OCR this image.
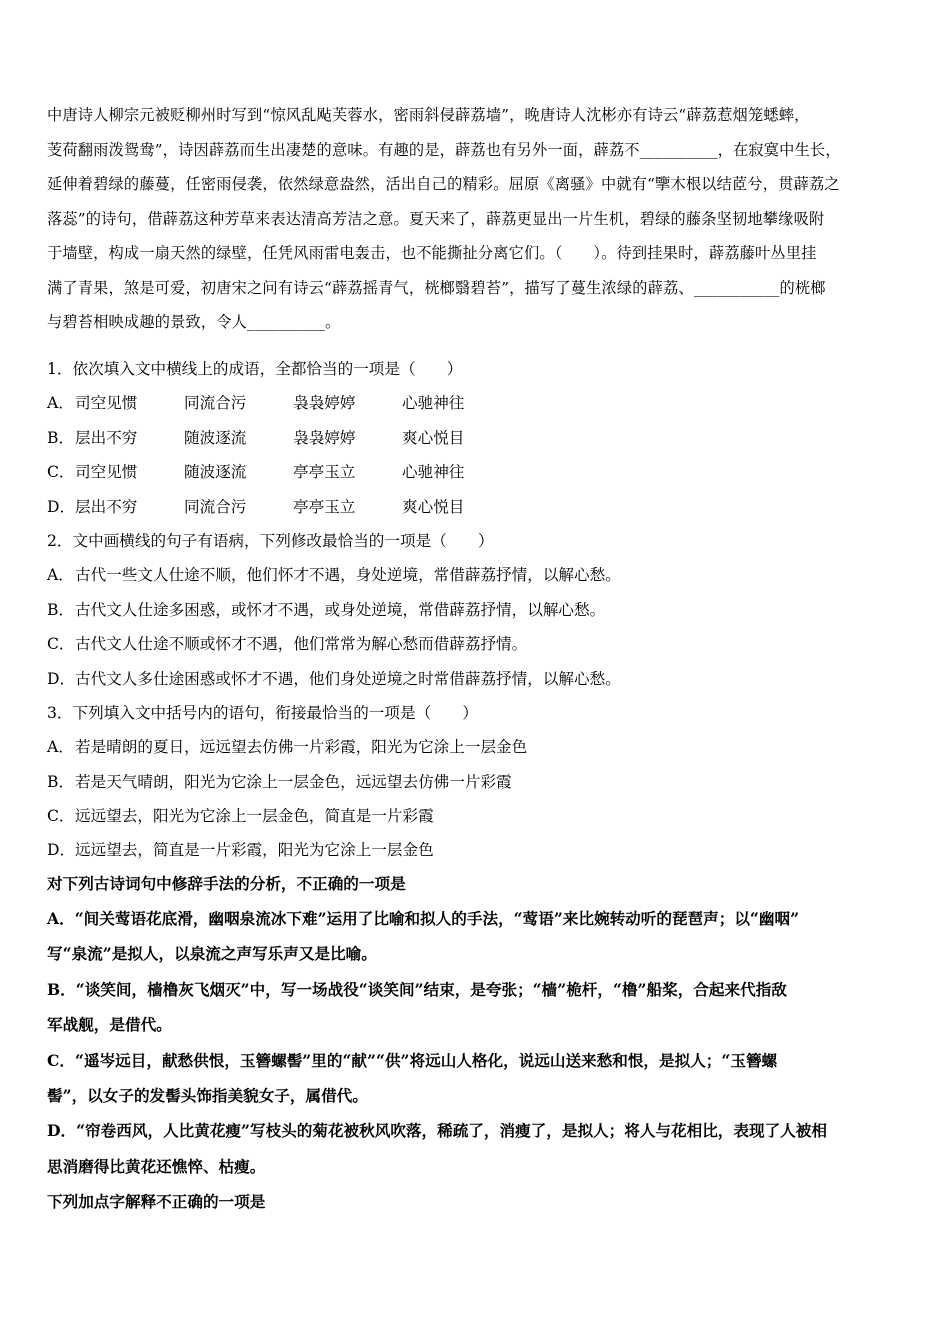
中唐诗人柳宗元被贬柳州时写到“惊风乱飐芙蓉水，密雨斜侵薜荔墙”，晚唐诗人沈彬亦有诗云“薜荔惹烟笼蟋蟀，
芰荷翻雨泼鸳鸯”，诗因薜荔而生出凄楚的意味。有趣的是，薜荔也有另外一面，薜荔不__________，在寂寞中生长，
延伸着碧绿的藤蔓，任密雨侵袭，依然绿意盎然，活出自己的精彩。屈原《离骚》中就有“擥木根以结茝兮，贯薜荔之
落蕊”的诗句，借薜荔这种芳草来表达清高芳洁之意。夏天来了，薜荔更显出一片生机，碧绿的藤条坚韧地攀缘吸附
于墙壁，构成一扇天然的绿壁，任凭风雨雷电轰击，也不能撕扯分离它们。（　　）。待到挂果时，薜荔藤叶丛里挂
满了青果，煞是可爱，初唐宋之问有诗云“薜荔摇青气，桄榔翳碧苔”，描写了蔓生浓绿的薜荔、___________的桄榔
与碧苔相映成趣的景致，令人__________。
1．依次填入文中横线上的成语，全都恰当的一项是（　　）
A．司空见惯	同流合污	袅袅婷婷	心驰神往
B．层出不穷	随波逐流	袅袅婷婷	爽心悦目
C．司空见惯	随波逐流	亭亭玉立	心驰神往
D．层出不穷	同流合污	亭亭玉立	爽心悦目
2．文中画横线的句子有语病，下列修改最恰当的一项是（　　）
A．古代一些文人仕途不顺，他们怀才不遇，身处逆境，常借薜荔抒情，以解心愁。
B．古代文人仕途多困惑，或怀才不遇，或身处逆境，常借薜荔抒情，以解心愁。
C．古代文人仕途不顺或怀才不遇，他们常常为解心愁而借薜荔抒情。
D．古代文人多仕途困惑或怀才不遇，他们身处逆境之时常借薜荔抒情，以解心愁。
3．下列填入文中括号内的语句，衔接最恰当的一项是（　　）
A．若是晴朗的夏日，远远望去仿佛一片彩霞，阳光为它涂上一层金色
B．若是天气晴朗，阳光为它涂上一层金色，远远望去仿佛一片彩霞
C．远远望去，阳光为它涂上一层金色，简直是一片彩霞
D．远远望去，简直是一片彩霞，阳光为它涂上一层金色
对下列古诗词句中修辞手法的分析，不正确的一项是
A．“间关莺语花底滑，幽咽泉流冰下难”运用了比喻和拟人的手法，“莺语”来比婉转动听的琵琶声；以“幽咽”
写“泉流”是拟人，以泉流之声写乐声又是比喻。
B．“谈笑间，樯橹灰飞烟灭”中，写一场战役“谈笑间”结束，是夸张；“樯”桅杆，“橹”船桨，合起来代指敌
军战舰，是借代。
C．“遥岑远目，献愁供恨，玉簪螺髻”里的“献”“供”将远山人格化，说远山送来愁和恨，是拟人；“玉簪螺
髻”，以女子的发髻头饰指美貌女子，属借代。
D．“帘卷西风，人比黄花瘦”写枝头的菊花被秋风吹落，稀疏了，消瘦了，是拟人；将人与花相比，表现了人被相
思消磨得比黄花还憔悴、枯瘦。
下列加点字解释不正确的一项是
